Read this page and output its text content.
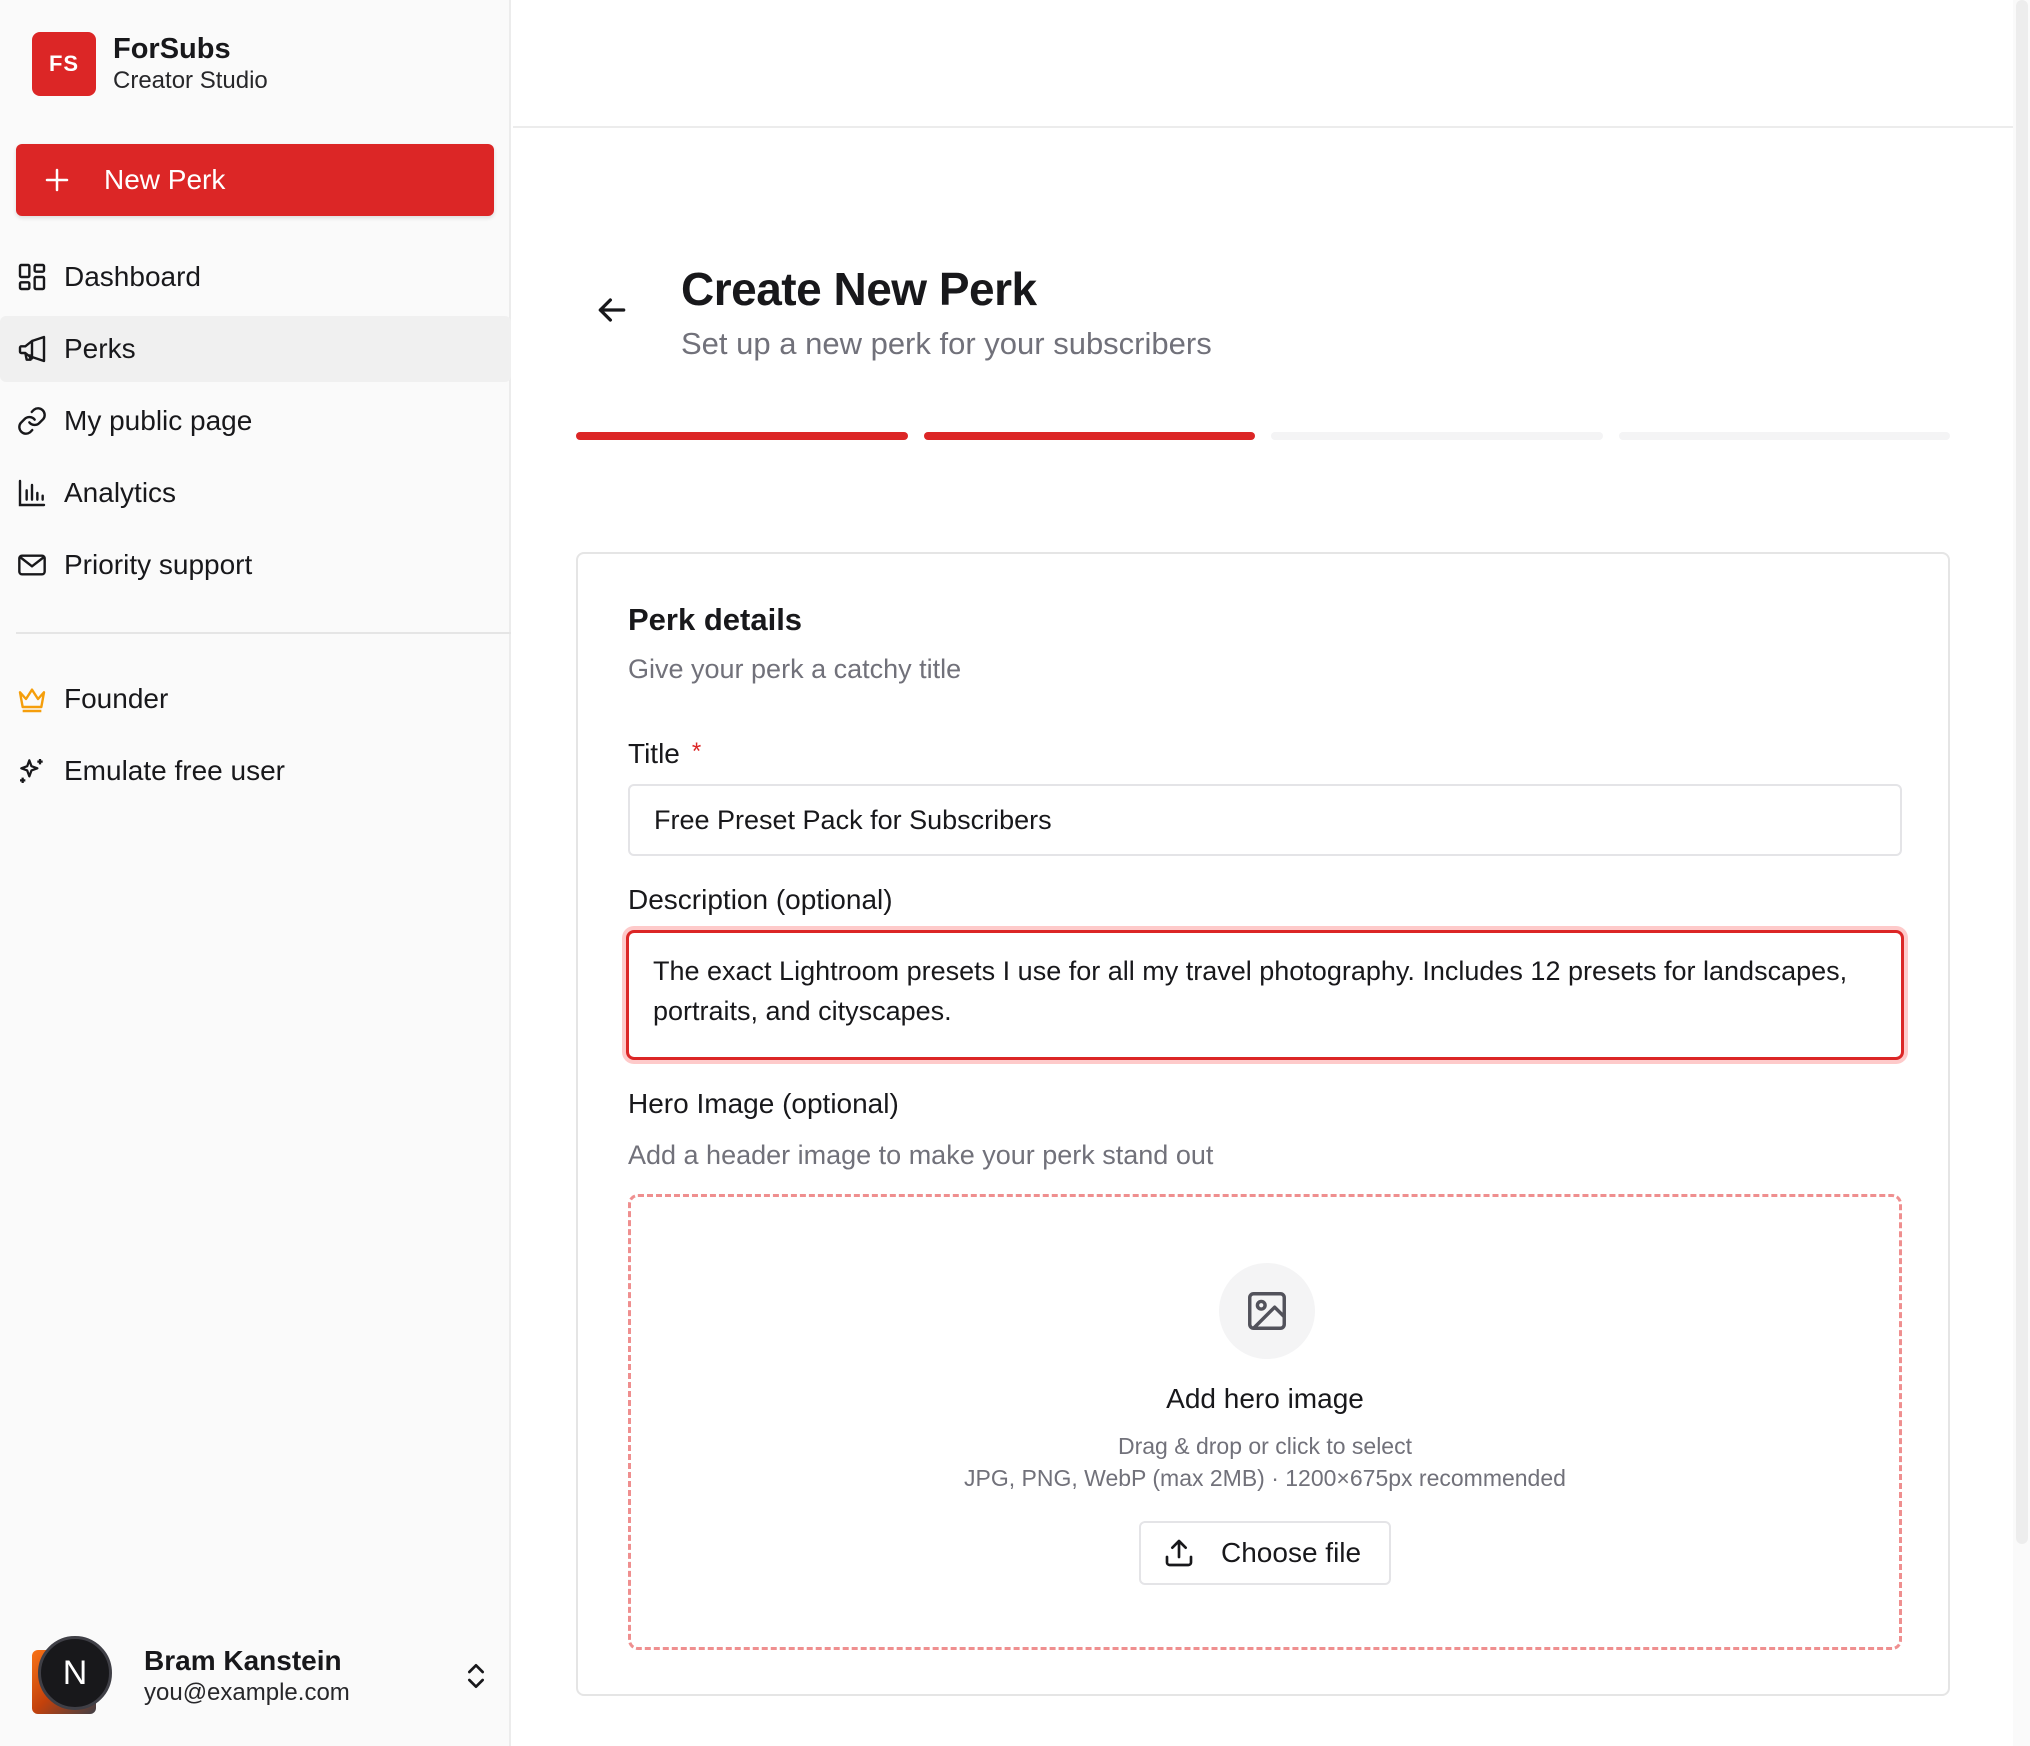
FS	ForSubs
Creator Studio
New Perk
Dashboard
Perks
My public page
Analytics
Priority support
Founder
Emulate free user
N	Bram Kanstein
you@example.com
Create New Perk
Set up a new perk for your subscribers
Perk details
Give your perk a catchy title
Title *
Free Preset Pack for Subscribers
Description (optional)
The exact Lightroom presets I use for all my travel photography. Includes 12 presets for landscapes, portraits, and cityscapes.
Hero Image (optional)
Add a header image to make your perk stand out
Add hero image
Drag & drop or click to select
JPG, PNG, WebP (max 2MB) · 1200×675px recommended
Choose file
